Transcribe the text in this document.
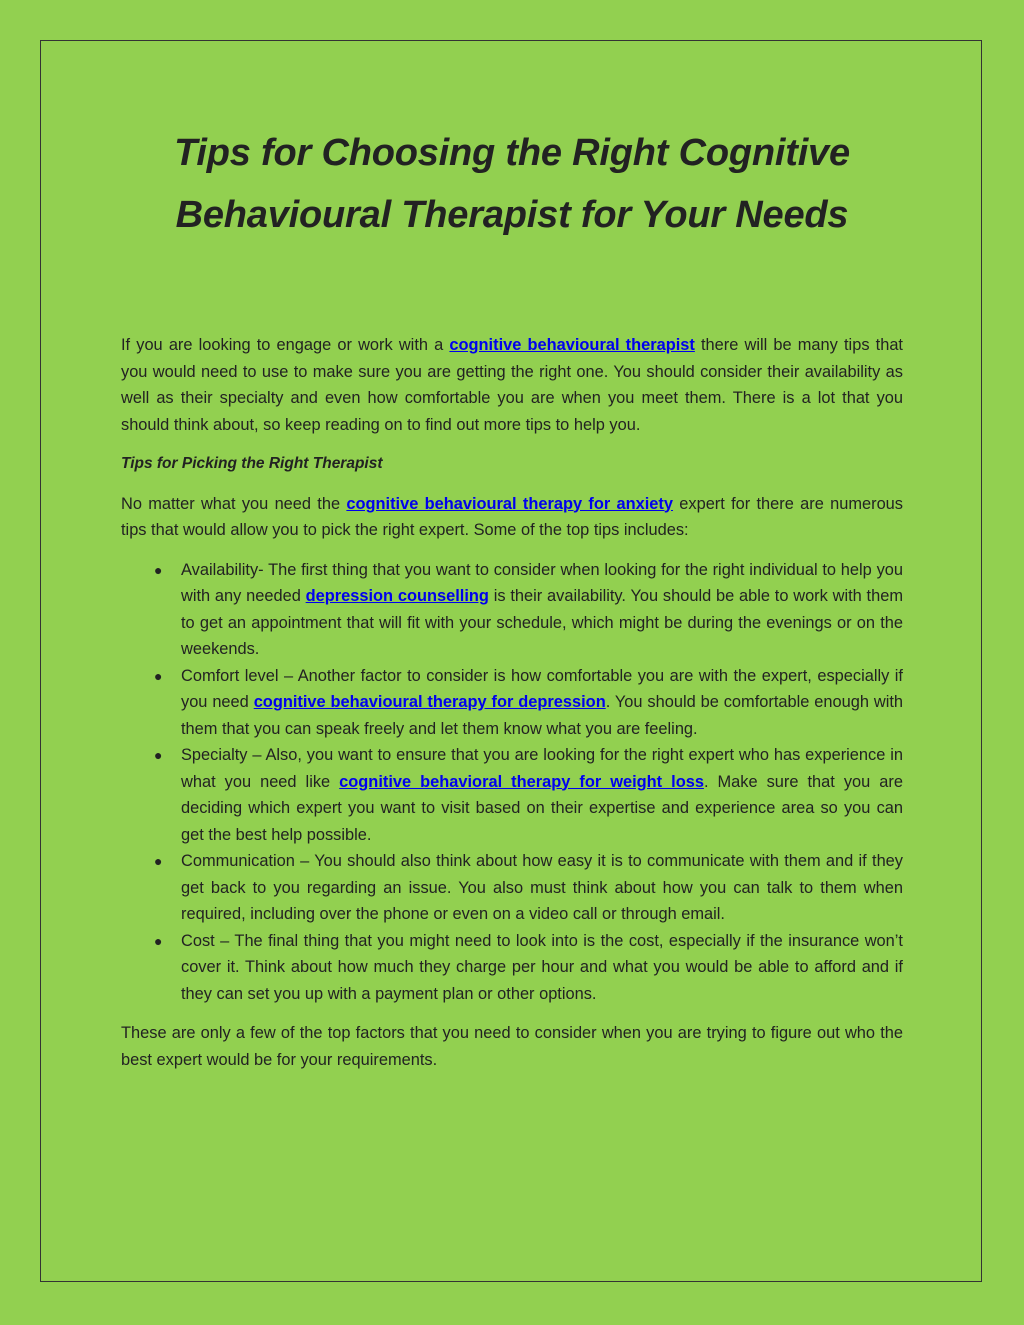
Tips for Choosing the Right Cognitive
Behavioural Therapist for Your Needs

If you are looking to engage or work with a cognitive behavioural therapist there will be many tips that you would need to use to make sure you are getting the right one. You should consider their availability as well as their specialty and even how comfortable you are when you meet them. There is a lot that you should think about, so keep reading on to find out more tips to help you.

Tips for Picking the Right Therapist

No matter what you need the cognitive behavioural therapy for anxiety expert for there are numerous tips that would allow you to pick the right expert. Some of the top tips includes:

● Availability- The first thing that you want to consider when looking for the right individual to help you with any needed depression counselling is their availability. You should be able to work with them to get an appointment that will fit with your schedule, which might be during the evenings or on the weekends.
● Comfort level – Another factor to consider is how comfortable you are with the expert, especially if you need cognitive behavioural therapy for depression. You should be comfortable enough with them that you can speak freely and let them know what you are feeling.
● Specialty – Also, you want to ensure that you are looking for the right expert who has experience in what you need like cognitive behavioral therapy for weight loss. Make sure that you are deciding which expert you want to visit based on their expertise and experience area so you can get the best help possible.
● Communication – You should also think about how easy it is to communicate with them and if they get back to you regarding an issue. You also must think about how you can talk to them when required, including over the phone or even on a video call or through email.
● Cost – The final thing that you might need to look into is the cost, especially if the insurance won’t cover it. Think about how much they charge per hour and what you would be able to afford and if they can set you up with a payment plan or other options.

These are only a few of the top factors that you need to consider when you are trying to figure out who the best expert would be for your requirements.
